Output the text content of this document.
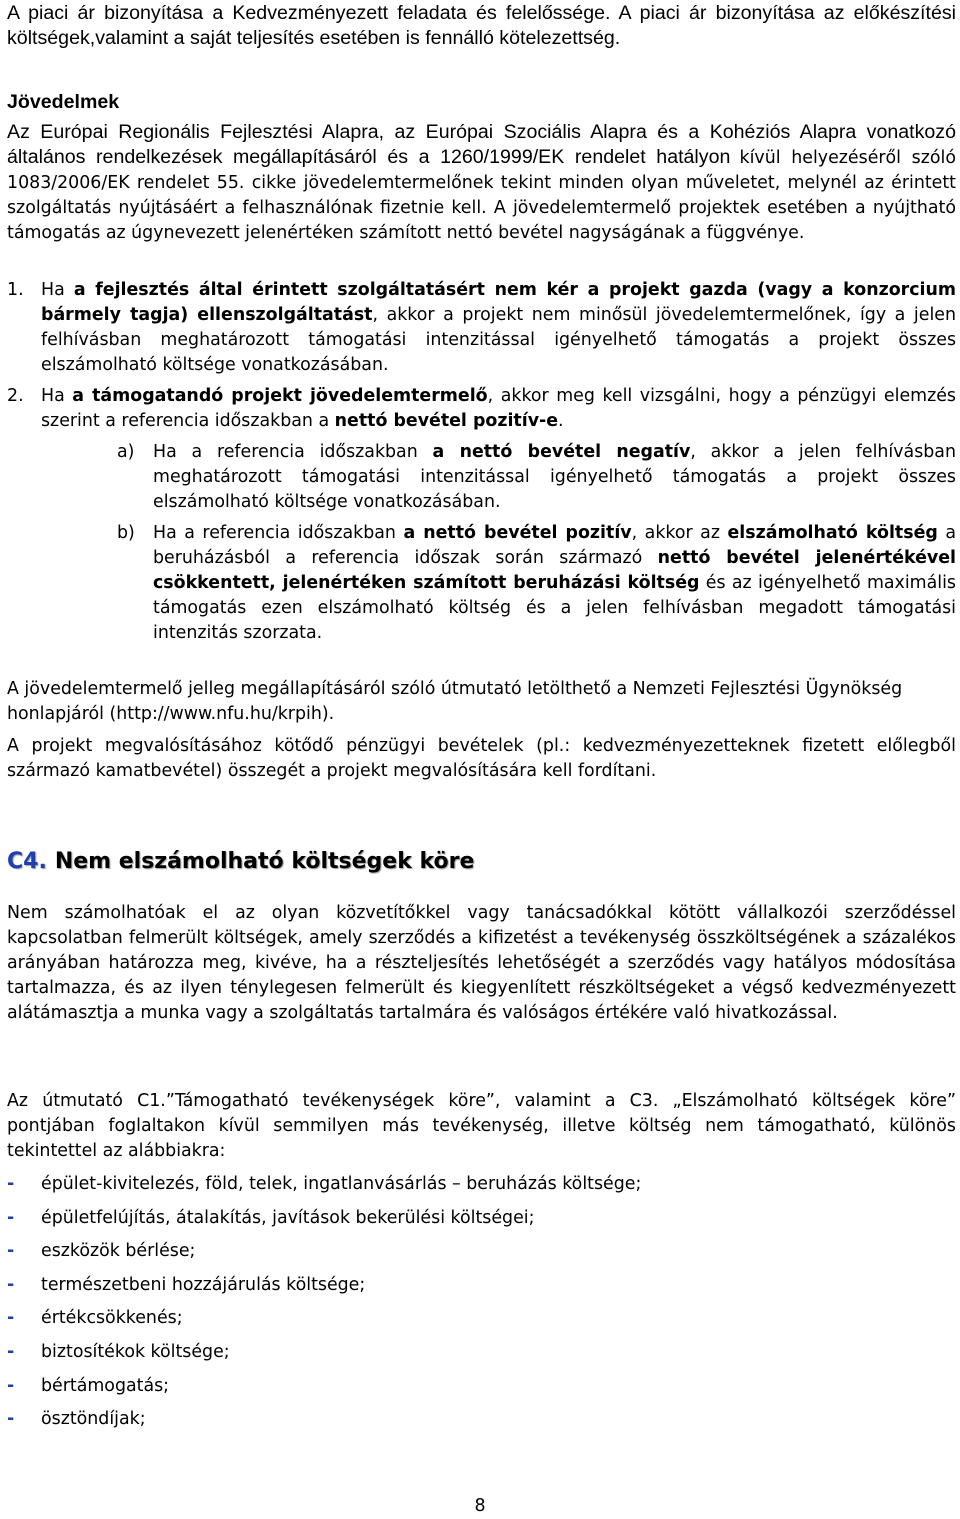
A piaci ár bizonyítása a Kedvezményezett feladata és felelőssége. A piaci ár bizonyítása az előkészítési költségek,valamint a saját teljesítés esetében is fennálló kötelezettség.

Jövedelmek

Az Európai Regionális Fejlesztési Alapra, az Európai Szociális Alapra és a Kohéziós Alapra vonatkozó általános rendelkezések megállapításáról és a 1260/1999/EK rendelet hatályon kívül helyezéséről szóló 1083/2006/EK rendelet 55. cikke jövedelemtermelőnek tekint minden olyan műveletet, melynél az érintett szolgáltatás nyújtásáért a felhasználónak fizetnie kell. A jövedelemtermelő projektek esetében a nyújtható támogatás az úgynevezett jelenértéken számított nettó bevétel nagyságának a függvénye.

1.	Ha a fejlesztés által érintett szolgáltatásért nem kér a projekt gazda (vagy a konzorcium bármely tagja) ellenszolgáltatást, akkor a projekt nem minősül jövedelemtermelőnek, így a jelen felhívásban meghatározott támogatási intenzitással igényelhető támogatás a projekt összes elszámolható költsége vonatkozásában.

2.	Ha a támogatandó projekt jövedelemtermelő, akkor meg kell vizsgálni, hogy a pénzügyi elemzés szerint a referencia időszakban a nettó bevétel pozitív-e.

a) Ha a referencia időszakban a nettó bevétel negatív, akkor a jelen felhívásban meghatározott támogatási intenzitással igényelhető támogatás a projekt összes elszámolható költsége vonatkozásában.

b) Ha a referencia időszakban a nettó bevétel pozitív, akkor az elszámolható költség a beruházásból a referencia időszak során származó nettó bevétel jelenértékével csökkentett, jelenértéken számított beruházási költség és az igényelhető maximális támogatás ezen elszámolható költség és a jelen felhívásban megadott támogatási intenzitás szorzata.

A jövedelemtermelő jelleg megállapításáról szóló útmutató letölthető a Nemzeti Fejlesztési Ügynökség honlapjáról (http://www.nfu.hu/krpih).

A projekt megvalósításához kötődő pénzügyi bevételek (pl.: kedvezményezetteknek fizetett előlegből származó kamatbevétel) összegét a projekt megvalósítására kell fordítani.

C4. Nem elszámolható költségek köre

Nem számolhatóak el az olyan közvetítőkkel vagy tanácsadókkal kötött vállalkozói szerződéssel kapcsolatban felmerült költségek, amely szerződés a kifizetést a tevékenység összköltségének a százalékos arányában határozza meg, kivéve, ha a részteljesítés lehetőségét a szerződés vagy hatályos módosítása tartalmazza, és az ilyen ténylegesen felmerült és kiegyenlített részköltségeket a végső kedvezményezett alátámasztja a munka vagy a szolgáltatás tartalmára és valóságos értékére való hivatkozással.

Az útmutató C1.”Támogatható tevékenységek köre”, valamint a C3. „Elszámolható költségek köre” pontjában foglaltakon kívül semmilyen más tevékenység, illetve költség nem támogatható, különös tekintettel az alábbiakra:

-	épület-kivitelezés, föld, telek, ingatlanvásárlás – beruházás költsége;
-	épületfelújítás, átalakítás, javítások bekerülési költségei;
-	eszközök bérlése;
-	természetbeni hozzájárulás költsége;
-	értékcsökkenés;
-	biztosítékok költsége;
-	bértámogatás;
-	ösztöndíjak;
8
